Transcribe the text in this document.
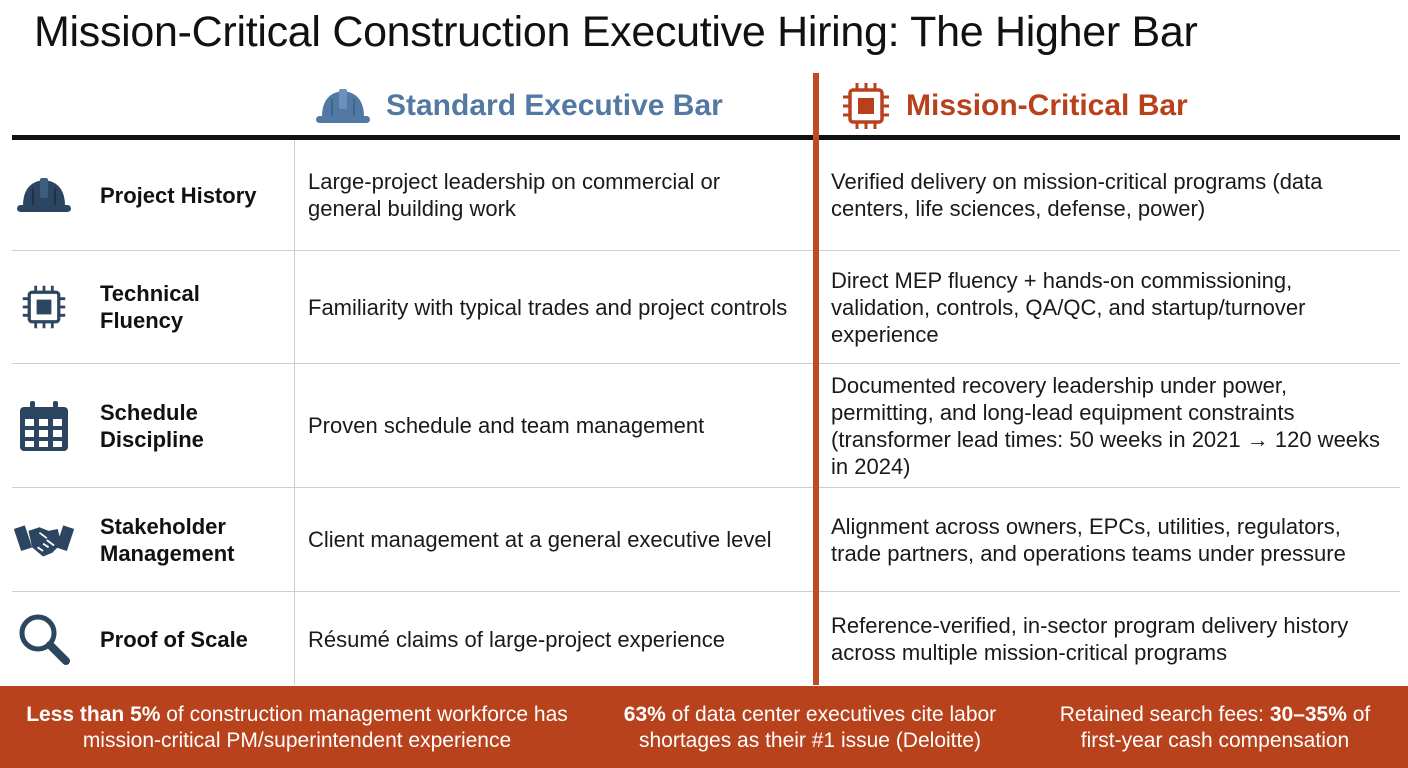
Mission-Critical Construction Executive Hiring: The Higher Bar
Standard Executive Bar	Mission-Critical Bar
Project History
Large-project leadership on commercial or general building work
Verified delivery on mission-critical programs (data centers, life sciences, defense, power)
Technical Fluency
Familiarity with typical trades and project controls
Direct MEP fluency + hands-on commissioning, validation, controls, QA/QC, and startup/turnover experience
Schedule Discipline
Proven schedule and team management
Documented recovery leadership under power, permitting, and long-lead equipment constraints (transformer lead times: 50 weeks in 2021 → 120 weeks in 2024)
Stakeholder Management
Client management at a general executive level
Alignment across owners, EPCs, utilities, regulators, trade partners, and operations teams under pressure
Proof of Scale	Résumé claims of large-project experience
Reference-verified, in-sector program delivery history across multiple mission-critical programs
Less than 5% of construction management workforce has mission-critical PM/superintendent experience
63% of data center executives cite labor shortages as their #1 issue (Deloitte)
Retained search fees: 30–35% of first-year cash compensation
